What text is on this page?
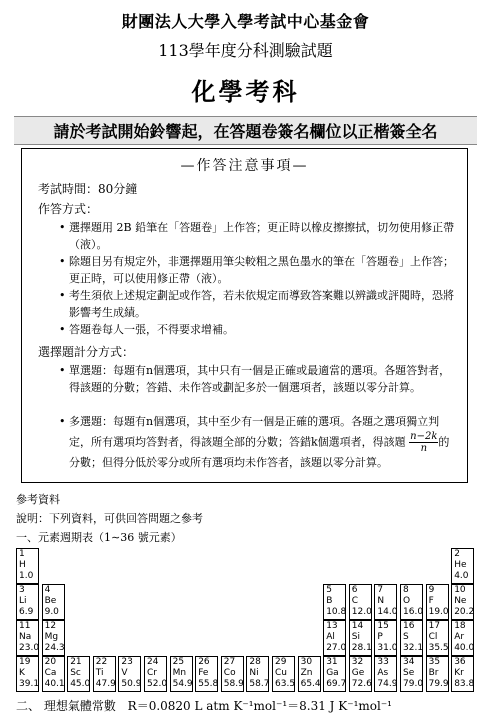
財團法人大學入學考試中心基金會
113學年度分科測驗試題
化學考科
請於考試開始鈴響起，在答題卷簽名欄位以正楷簽全名
—作答注意事項—
考試時間：80分鐘
作答方式：
• 選擇題用 2B 鉛筆在「答題卷」上作答；更正時以橡皮擦擦拭，切勿使用修正帶（液）。
• 除題目另有規定外，非選擇題用筆尖較粗之黑色墨水的筆在「答題卷」上作答；更正時，可以使用修正帶（液）。
• 考生須依上述規定劃記或作答，若未依規定而導致答案難以辨識或評閱時，恐將影響考生成績。
• 答題卷每人一張，不得要求增補。
選擇題計分方式：
• 單選題：每題有n個選項，其中只有一個是正確或最適當的選項。各題答對者，得該題的分數；答錯、未作答或劃記多於一個選項者，該題以零分計算。
• 多選題：每題有n個選項，其中至少有一個是正確的選項。各題之選項獨立判定，所有選項均答對者，得該題全部的分數；答錯k個選項者，得該題 $\frac{n-2k}{n}$ 的分數；但得分低於零分或所有選項均未作答者，該題以零分計算。
參考資料
說明：下列資料，可供回答問題之參考
一、元素週期表（1∼36 號元素）
1
H
1.0
2
He
4.0
3
Li
6.9
4
Be
9.0
5
B
10.8
6
C
12.0
7
N
14.0
8
O
16.0
9
F
19.0
10
Ne
20.2
11
Na
23.0
12
Mg
24.3
13
Al
27.0
14
Si
28.1
15
P
31.0
16
S
32.1
17
Cl
35.5
18
Ar
40.0
19
K
39.1
20
Ca
40.1
21
Sc
45.0
22
Ti
47.9
23
V
50.9
24
Cr
52.0
25
Mn
54.9
26
Fe
55.8
27
Co
58.9
28
Ni
58.7
29
Cu
63.5
30
Zn
65.4
31
Ga
69.7
32
Ge
72.6
33
As
74.9
34
Se
79.0
35
Br
79.9
36
Kr
83.8
二、 理想氣體常數 R＝0.0820 L atm K⁻¹mol⁻¹＝8.31 J K⁻¹mol⁻¹
